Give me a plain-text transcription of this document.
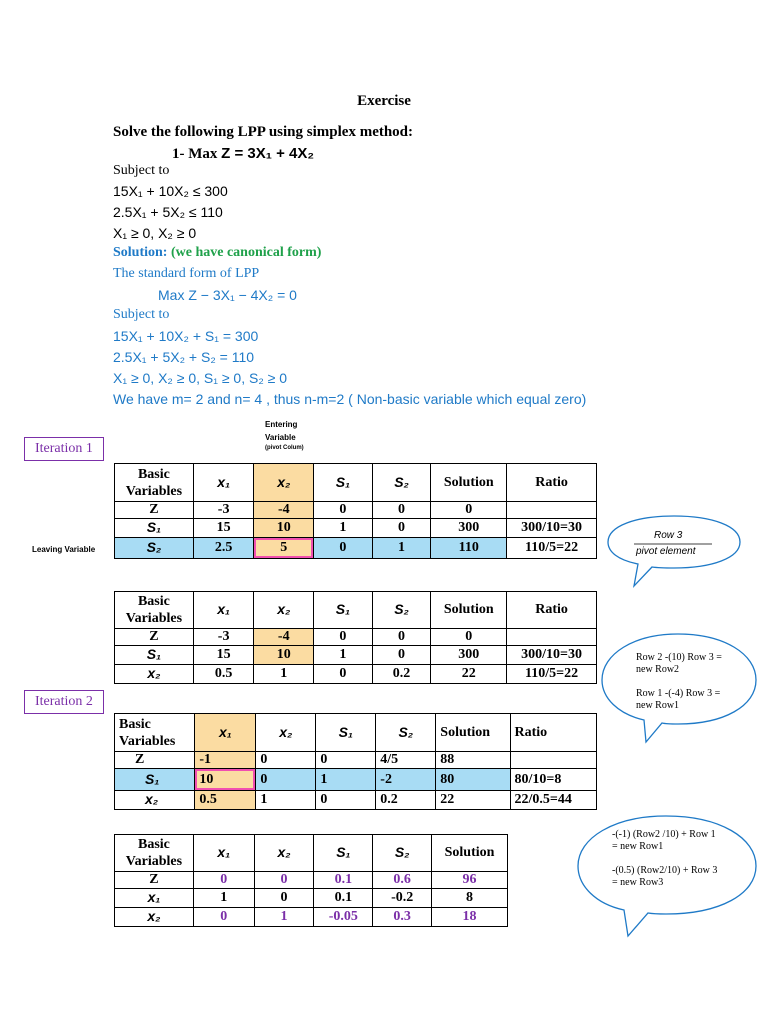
Exercise
Solve the following LPP using simplex method:
1- Max Z = 3X₁ + 4X₂
Subject to
15X₁ + 10X₂ ≤ 300
2.5X₁ + 5X₂ ≤ 110
X₁ ≥ 0, X₂ ≥ 0
Solution: (we have canonical form)
The standard form of LPP
Max Z − 3X₁ − 4X₂ = 0
Subject to
15X₁ + 10X₂ + S₁ = 300
2.5X₁ + 5X₂ + S₂ = 110
X₁ ≥ 0, X₂ ≥ 0, S₁ ≥ 0, S₂ ≥ 0
We have m= 2 and n= 4 , thus n-m=2 ( Non-basic variable which equal zero)
Entering
Variable
(pivot Colum)
Iteration 1
Leaving Variable
Basic
Variables	x₁	x₂	S₁	S₂	Solution	Ratio
Z	-3	-4	0	0	0	
S₁	15	10	1	0	300	300/10=30
S₂	2.5	5	0	1	110	110/5=22
Row 3
pivot element
Basic
Variables	x₁	x₂	S₁	S₂	Solution	Ratio
Z	-3	-4	0	0	0	
S₁	15	10	1	0	300	300/10=30
x₂	0.5	1	0	0.2	22	110/5=22
Row 2 -(10) Row 3 =
new Row2
Row 1 -(-4) Row 3 =
new Row1
Iteration 2
Basic
Variables	x₁	x₂	S₁	S₂	Solution	Ratio
Z	-1	0	0	4/5	88	
S₁	10	0	1	-2	80	80/10=8
x₂	0.5	1	0	0.2	22	22/0.5=44
Basic
Variables	x₁	x₂	S₁	S₂	Solution
Z	0	0	0.1	0.6	96
x₁	1	0	0.1	-0.2	8
x₂	0	1	-0.05	0.3	18
-(-1) (Row2 /10) + Row 1
= new Row1
-(0.5) (Row2/10) + Row 3
= new Row3
